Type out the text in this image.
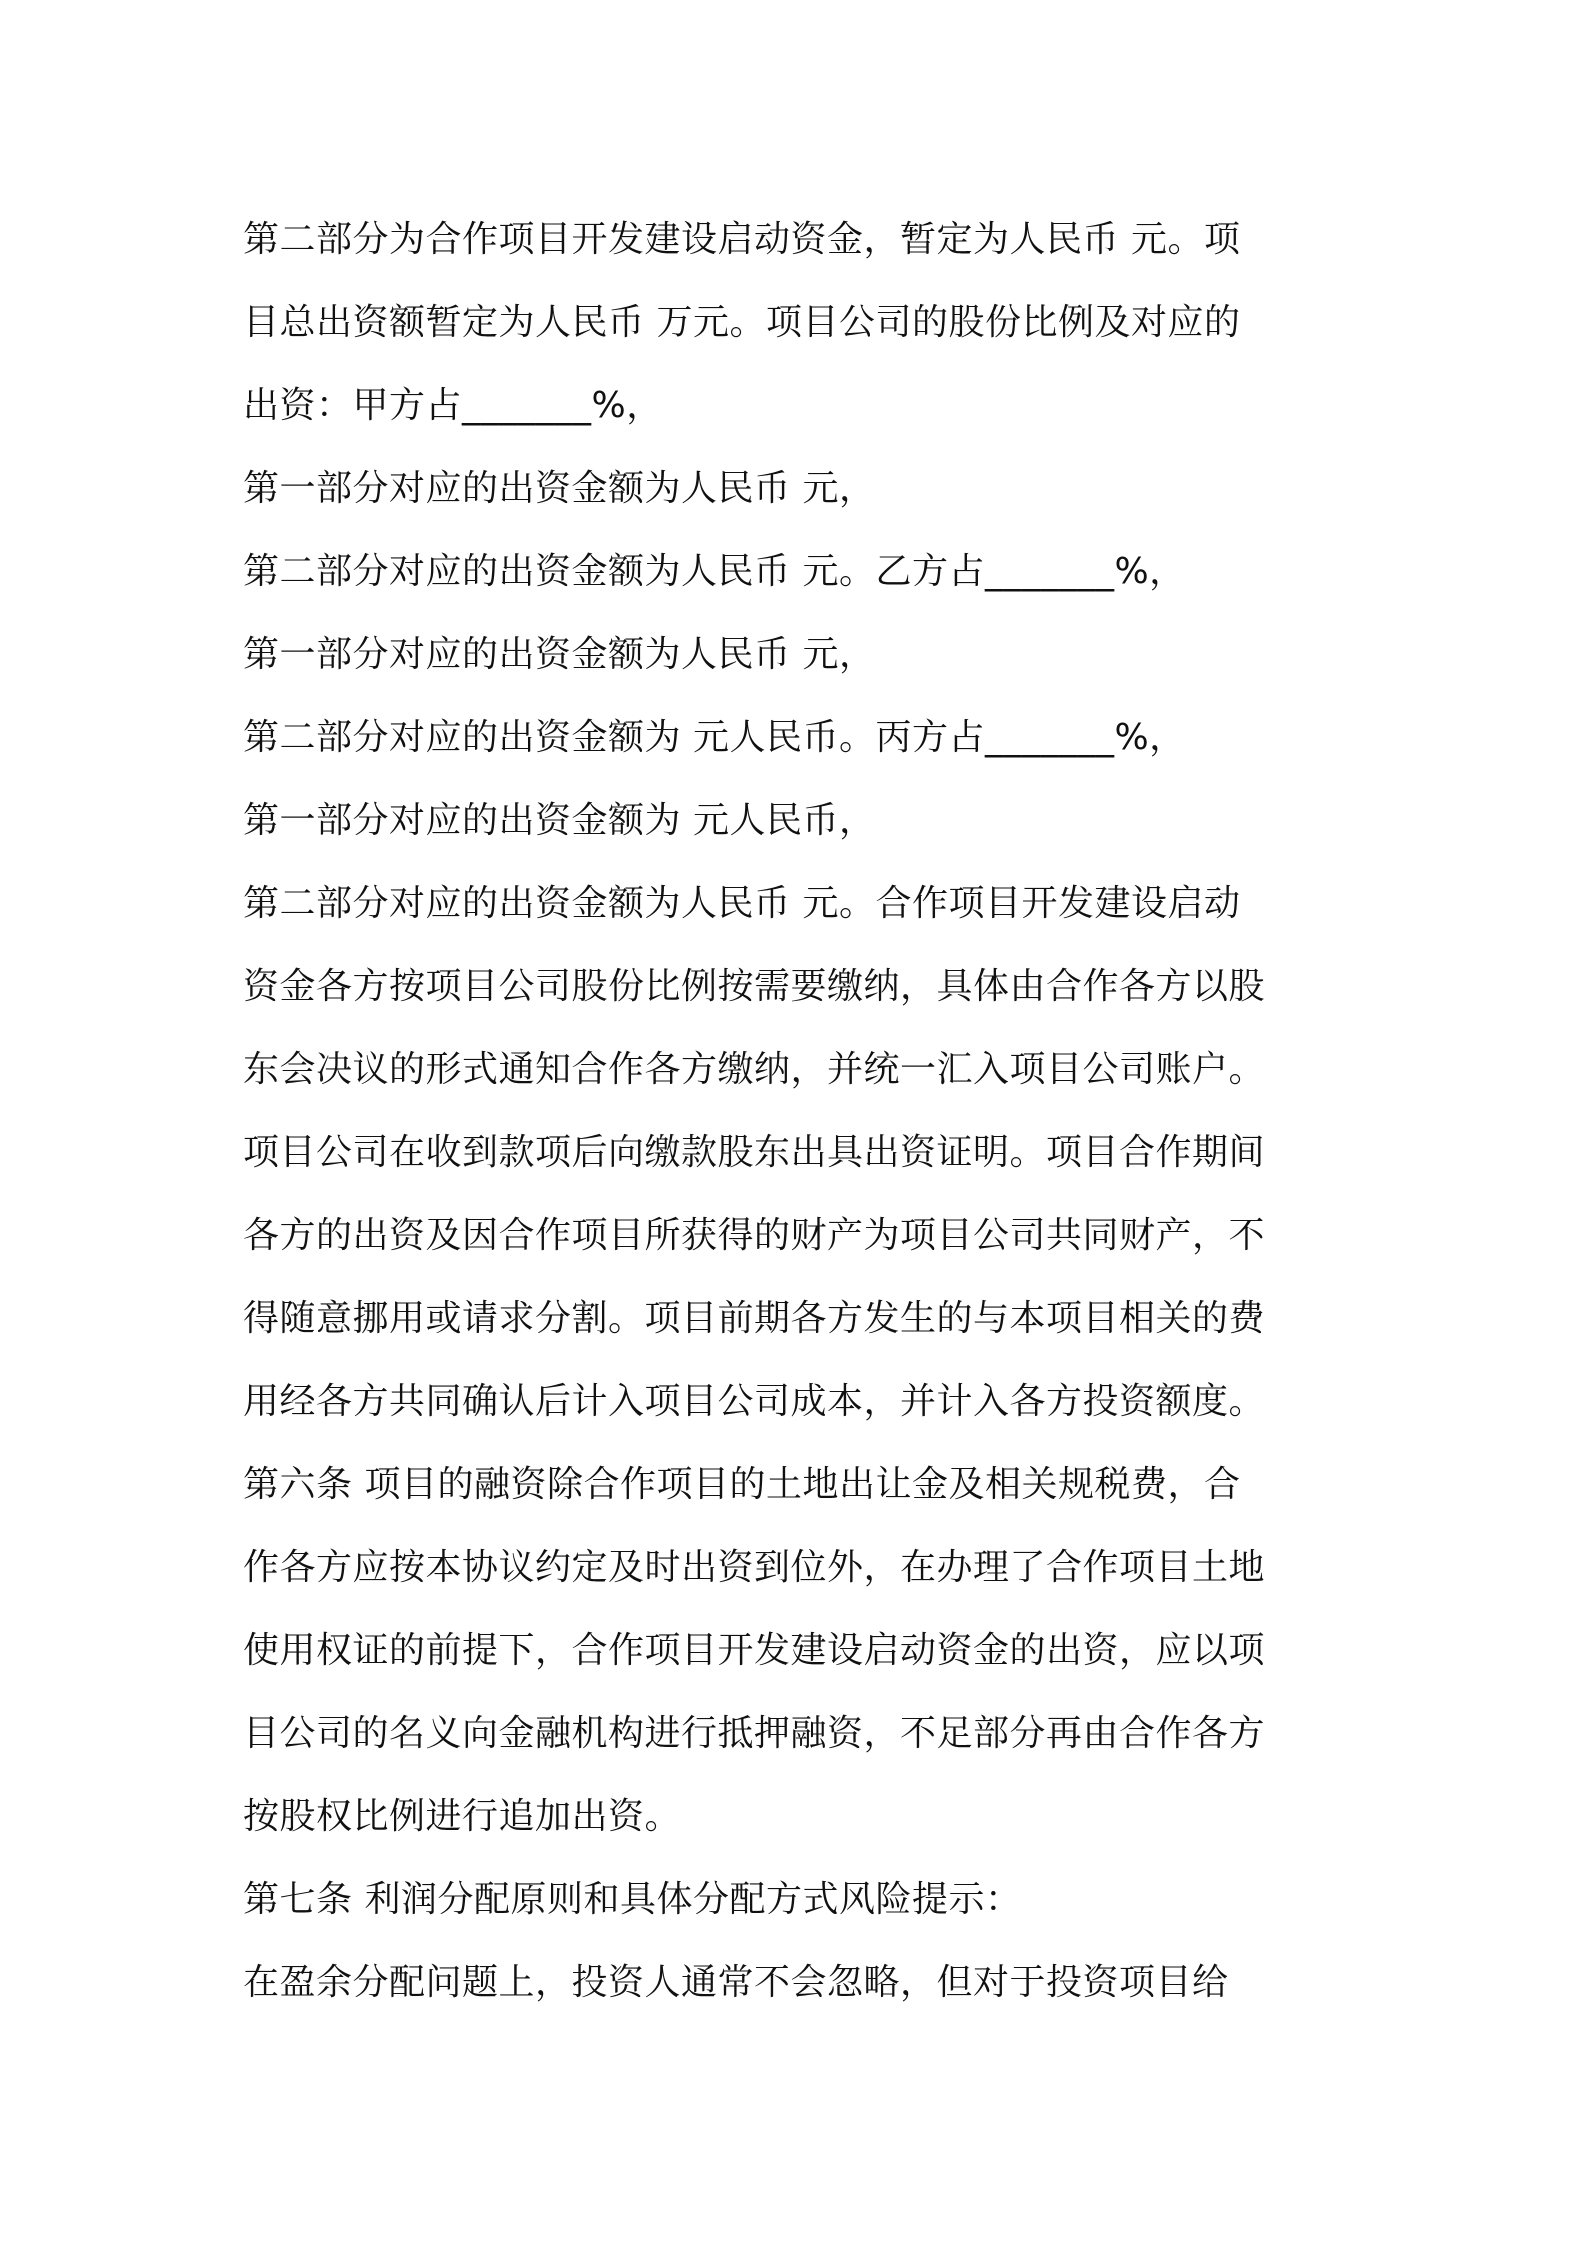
第二部分为合作项目开发建设启动资金，暂定为人民币 元。项
目总出资额暂定为人民币 万元。项目公司的股份比例及对应的
出资：甲方占_______%，
第一部分对应的出资金额为人民币 元，
第二部分对应的出资金额为人民币 元。乙方占_______%，
第一部分对应的出资金额为人民币 元，
第二部分对应的出资金额为 元人民币。丙方占_______%，
第一部分对应的出资金额为 元人民币，
第二部分对应的出资金额为人民币 元。合作项目开发建设启动
资金各方按项目公司股份比例按需要缴纳，具体由合作各方以股
东会决议的形式通知合作各方缴纳，并统一汇入项目公司账户。
项目公司在收到款项后向缴款股东出具出资证明。项目合作期间
各方的出资及因合作项目所获得的财产为项目公司共同财产，不
得随意挪用或请求分割。项目前期各方发生的与本项目相关的费
用经各方共同确认后计入项目公司成本，并计入各方投资额度。
第六条 项目的融资除合作项目的土地出让金及相关规税费，合
作各方应按本协议约定及时出资到位外，在办理了合作项目土地
使用权证的前提下，合作项目开发建设启动资金的出资，应以项
目公司的名义向金融机构进行抵押融资，不足部分再由合作各方
按股权比例进行追加出资。
第七条 利润分配原则和具体分配方式风险提示：
在盈余分配问题上，投资人通常不会忽略，但对于投资项目给
